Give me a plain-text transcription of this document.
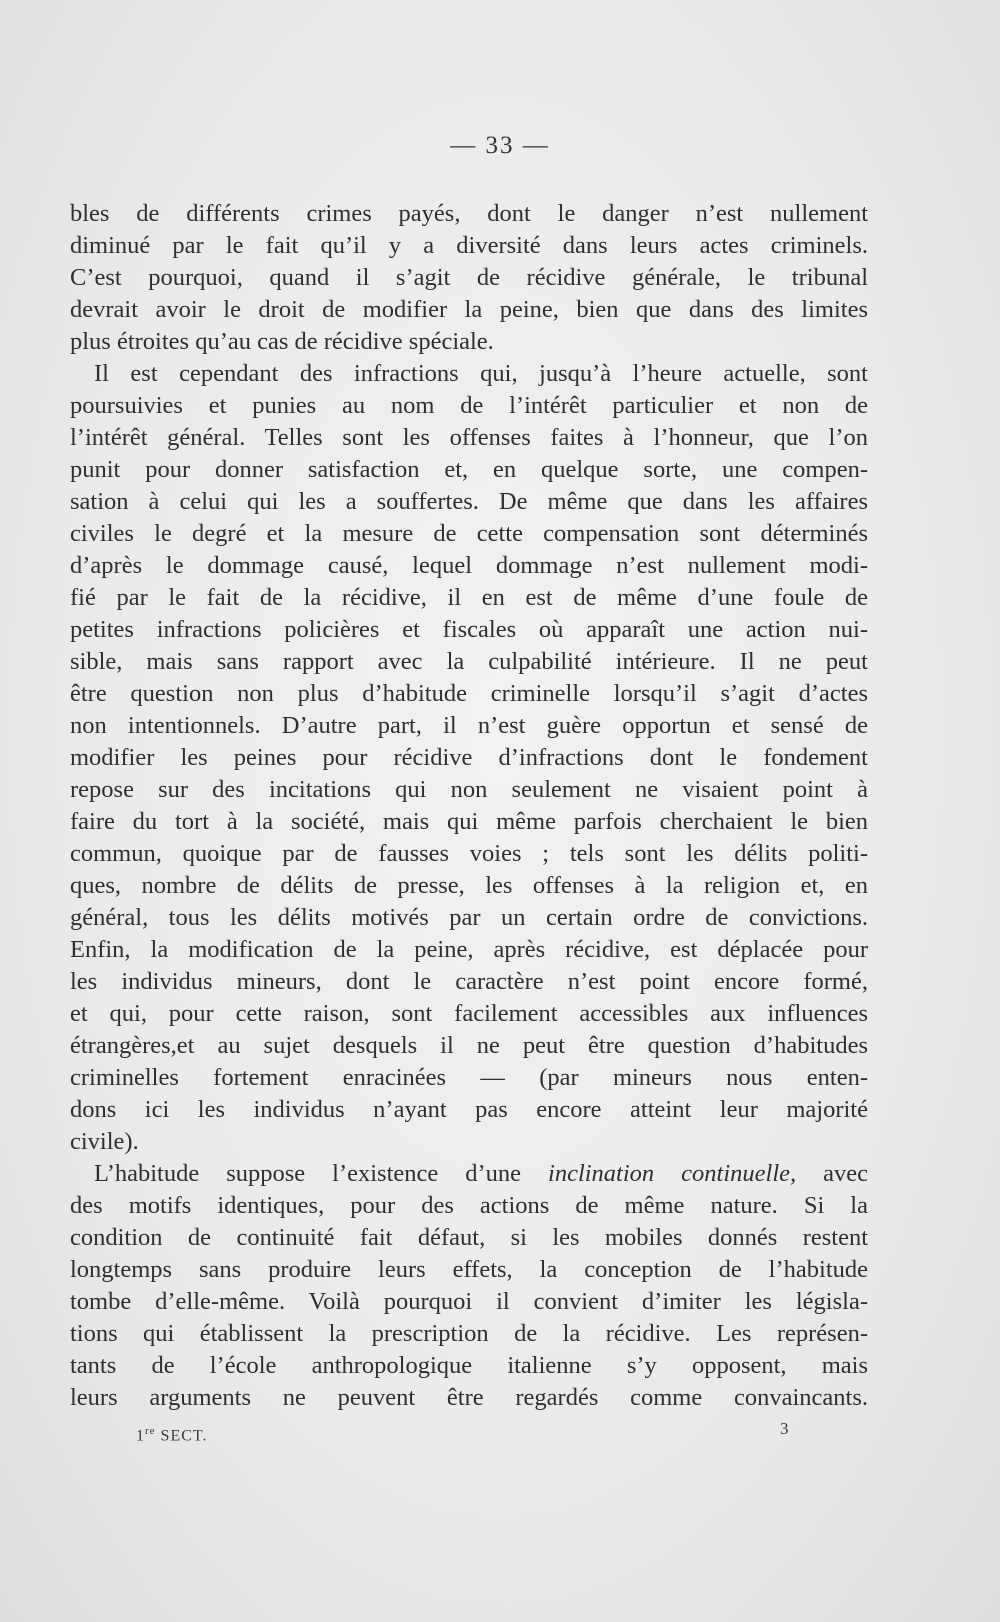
— 33 —
bles de différents crimes payés, dont le danger n’est nullement
diminué par le fait qu’il y a diversité dans leurs actes criminels.
C’est pourquoi, quand il s’agit de récidive générale, le tribunal
devrait avoir le droit de modifier la peine, bien que dans des limites
plus étroites qu’au cas de récidive spéciale.
Il est cependant des infractions qui, jusqu’à l’heure actuelle, sont
poursuivies et punies au nom de l’intérêt particulier et non de
l’intérêt général. Telles sont les offenses faites à l’honneur, que l’on
punit pour donner satisfaction et, en quelque sorte, une compen-
sation à celui qui les a souffertes. De même que dans les affaires
civiles le degré et la mesure de cette compensation sont déterminés
d’après le dommage causé, lequel dommage n’est nullement modi-
fié par le fait de la récidive, il en est de même d’une foule de
petites infractions policières et fiscales où apparaît une action nui-
sible, mais sans rapport avec la culpabilité intérieure. Il ne peut
être question non plus d’habitude criminelle lorsqu’il s’agit d’actes
non intentionnels. D’autre part, il n’est guère opportun et sensé de
modifier les peines pour récidive d’infractions dont le fondement
repose sur des incitations qui non seulement ne visaient point à
faire du tort à la société, mais qui même parfois cherchaient le bien
commun, quoique par de fausses voies ; tels sont les délits politi-
ques, nombre de délits de presse, les offenses à la religion et, en
général, tous les délits motivés par un certain ordre de convictions.
Enfin, la modification de la peine, après récidive, est déplacée pour
les individus mineurs, dont le caractère n’est point encore formé,
et qui, pour cette raison, sont facilement accessibles aux influences
étrangères,et au sujet desquels il ne peut être question d’habitudes
criminelles fortement enracinées — (par mineurs nous enten-
dons ici les individus n’ayant pas encore atteint leur majorité
civile).
L’habitude suppose l’existence d’une inclination continuelle, avec
des motifs identiques, pour des actions de même nature. Si la
condition de continuité fait défaut, si les mobiles donnés restent
longtemps sans produire leurs effets, la conception de l’habitude
tombe d’elle-même. Voilà pourquoi il convient d’imiter les législa-
tions qui établissent la prescription de la récidive. Les représen-
tants de l’école anthropologique italienne s’y opposent, mais
leurs arguments ne peuvent être regardés comme convaincants.
1re SECT.	3
